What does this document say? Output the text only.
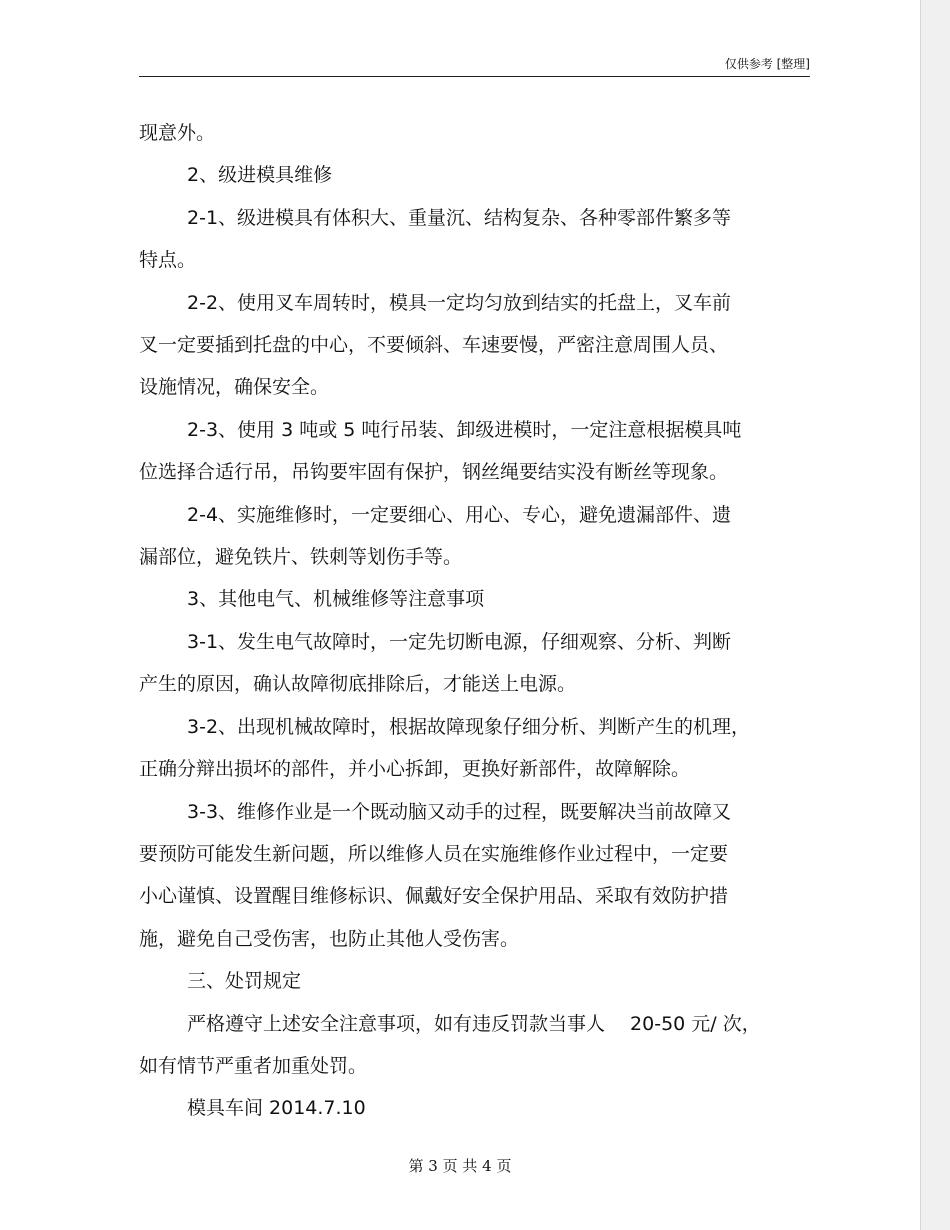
仅供参考 [整理]

现意外。

2、级进模具维修

2-1、级进模具有体积大、重量沉、结构复杂、各种零部件繁多等

特点。

2-2、使用叉车周转时，模具一定均匀放到结实的托盘上，叉车前

叉一定要插到托盘的中心，不要倾斜、车速要慢，严密注意周围人员、

设施情况，确保安全。

2-3、使用 3 吨或 5 吨行吊装、卸级进模时，一定注意根据模具吨

位选择合适行吊，吊钩要牢固有保护，钢丝绳要结实没有断丝等现象。

2-4、实施维修时，一定要细心、用心、专心，避免遗漏部件、遗

漏部位，避免铁片、铁刺等划伤手等。

3、其他电气、机械维修等注意事项

3-1、发生电气故障时，一定先切断电源，仔细观察、分析、判断

产生的原因，确认故障彻底排除后，才能送上电源。

3-2、出现机械故障时，根据故障现象仔细分析、判断产生的机理，

正确分辩出损坏的部件，并小心拆卸，更换好新部件，故障解除。

3-3、维修作业是一个既动脑又动手的过程，既要解决当前故障又

要预防可能发生新问题，所以维修人员在实施维修作业过程中，一定要

小心谨慎、设置醒目维修标识、佩戴好安全保护用品、采取有效防护措

施，避免自己受伤害，也防止其他人受伤害。

三、处罚规定

严格遵守上述安全注意事项，如有违反罚款当事人　 20-50 元/ 次，

如有情节严重者加重处罚。

模具车间 2014.7.10

第 3 页 共 4 页
